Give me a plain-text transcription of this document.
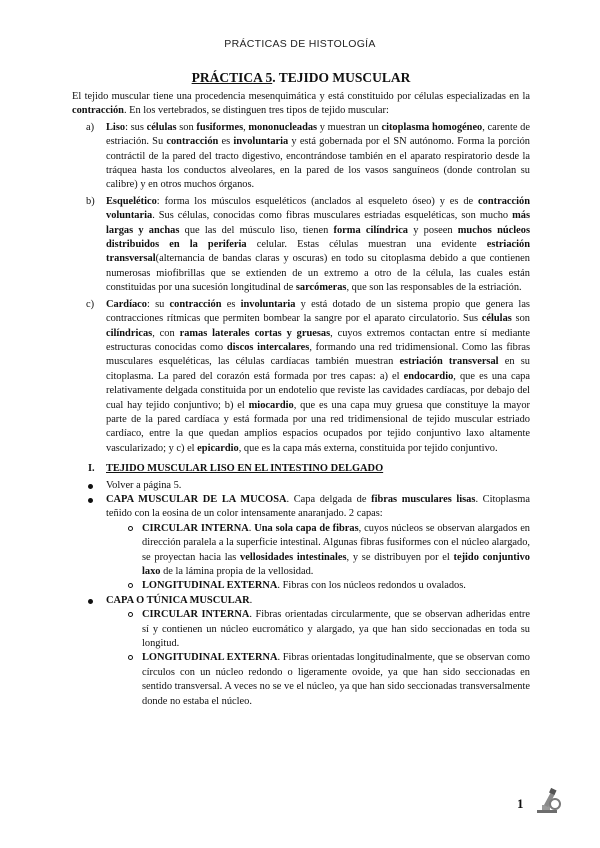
PRÁCTICAS DE HISTOLOGÍA
PRÁCTICA 5. TEJIDO MUSCULAR

El tejido muscular tiene una procedencia mesenquimática y está constituido por células especializadas en la contracción. En los vertebrados, se distinguen tres tipos de tejido muscular:

a) Liso: sus células son fusiformes, mononucleadas y muestran un citoplasma homogéneo, carente de estriación. Su contracción es involuntaria y está gobernada por el SN autónomo. Forma la porción contráctil de la pared del tracto digestivo, encontrándose también en el aparato respiratorio desde la tráquea hasta los conductos alveolares, en la pared de los vasos sanguíneos (donde controlan su calibre) y en otros muchos órganos.
b) Esquelético: forma los músculos esqueléticos (anclados al esqueleto óseo) y es de contracción voluntaria. Sus células, conocidas como fibras musculares estriadas esqueléticas, son mucho más largas y anchas que las del músculo liso, tienen forma cilíndrica y poseen muchos núcleos distribuidos en la periferia celular. Estas células muestran una evidente estriación transversal(alternancia de bandas claras y oscuras) en todo su citoplasma debido a que contienen numerosas miofibrillas que se extienden de un extremo a otro de la célula, las cuales están constituidas por una sucesión longitudinal de sarcómeras, que son las responsables de la estriación.
c) Cardíaco: su contracción es involuntaria y está dotado de un sistema propio que genera las contracciones rítmicas que permiten bombear la sangre por el aparato circulatorio. Sus células son cilíndricas, con ramas laterales cortas y gruesas, cuyos extremos contactan entre sí mediante estructuras conocidas como discos intercalares, formando una red tridimensional. Como las fibras musculares esqueléticas, las células cardíacas también muestran estriación transversal en su citoplasma. La pared del corazón está formada por tres capas: a) el endocardio, que es una capa relativamente delgada constituida por un endotelio que reviste las cavidades cardíacas, por debajo del cual hay tejido conjuntivo; b) el miocardio, que es una capa muy gruesa que constituye la mayor parte de la pared cardíaca y está formada por una red tridimensional de tejido muscular estriado cardíaco, entre la que quedan amplios espacios ocupados por tejido conjuntivo laxo altamente vascularizado; y c) el epicardio, que es la capa más externa, constituida por tejido conjuntivo.
I. TEJIDO MUSCULAR LISO EN EL INTESTINO DELGADO
Volver a página 5.
CAPA MUSCULAR DE LA MUCOSA. Capa delgada de fibras musculares lisas. Citoplasma teñido con la eosina de un color intensamente anaranjado. 2 capas:
CIRCULAR INTERNA. Una sola capa de fibras, cuyos núcleos se observan alargados en dirección paralela a la superficie intestinal. Algunas fibras fusiformes con el núcleo alargado, se proyectan hacia las vellosidades intestinales, y se distribuyen por el tejido conjuntivo laxo de la lámina propia de la vellosidad.
LONGITUDINAL EXTERNA. Fibras con los núcleos redondos u ovalados.
CAPA O TÚNICA MUSCULAR.
CIRCULAR INTERNA. Fibras orientadas circularmente, que se observan adheridas entre sí y contienen un núcleo eucromático y alargado, ya que han sido seccionadas en toda su longitud.
LONGITUDINAL EXTERNA. Fibras orientadas longitudinalmente, que se observan como círculos con un núcleo redondo o ligeramente ovoide, ya que han sido seccionadas en sentido transversal. A veces no se ve el núcleo, ya que han sido seccionadas transversalmente donde no estaba el núcleo.
1
